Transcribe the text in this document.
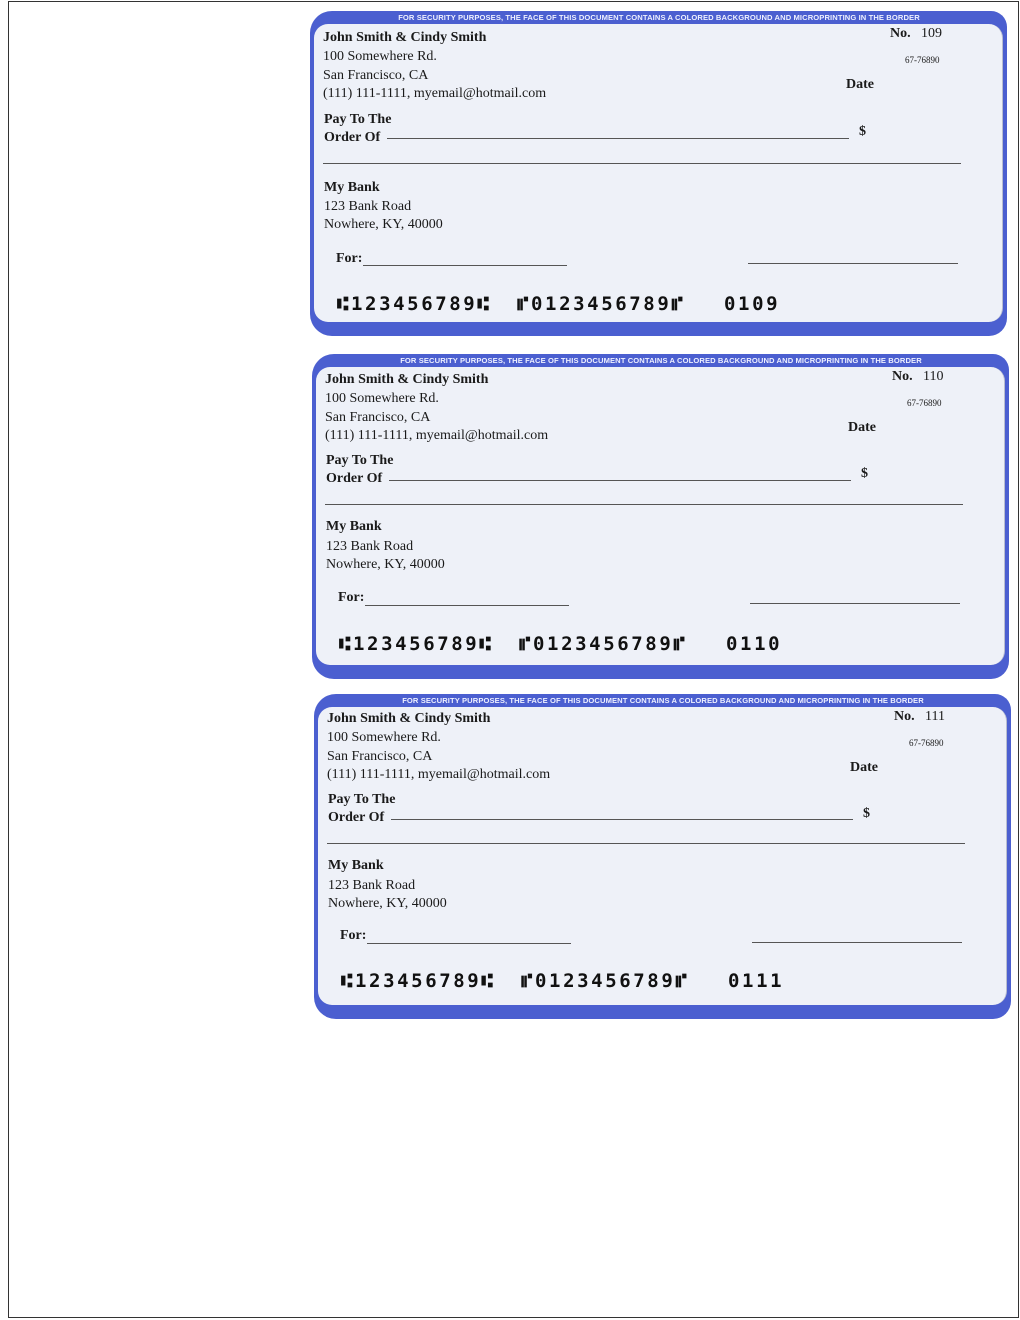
FOR SECURITY PURPOSES, THE FACE OF THIS DOCUMENT CONTAINS A COLORED BACKGROUND AND MICROPRINTING IN THE BORDER
John Smith & Cindy Smith
100 Somewhere Rd.
San Francisco, CA
(111) 111-1111, myemail@hotmail.com
No. 109
67-76890
Date
Pay To The
Order Of	$
My Bank
123 Bank Road
Nowhere, KY, 40000
For:
⑆123456789⑆ ⑈0123456789⑈ 0109
FOR SECURITY PURPOSES, THE FACE OF THIS DOCUMENT CONTAINS A COLORED BACKGROUND AND MICROPRINTING IN THE BORDER
John Smith & Cindy Smith
100 Somewhere Rd.
San Francisco, CA
(111) 111-1111, myemail@hotmail.com
No. 110
67-76890
Date
Pay To The
Order Of	$
My Bank
123 Bank Road
Nowhere, KY, 40000
For:
⑆123456789⑆ ⑈0123456789⑈ 0110
FOR SECURITY PURPOSES, THE FACE OF THIS DOCUMENT CONTAINS A COLORED BACKGROUND AND MICROPRINTING IN THE BORDER
John Smith & Cindy Smith
100 Somewhere Rd.
San Francisco, CA
(111) 111-1111, myemail@hotmail.com
No. 111
67-76890
Date
Pay To The
Order Of	$
My Bank
123 Bank Road
Nowhere, KY, 40000
For:
⑆123456789⑆ ⑈0123456789⑈ 0111
